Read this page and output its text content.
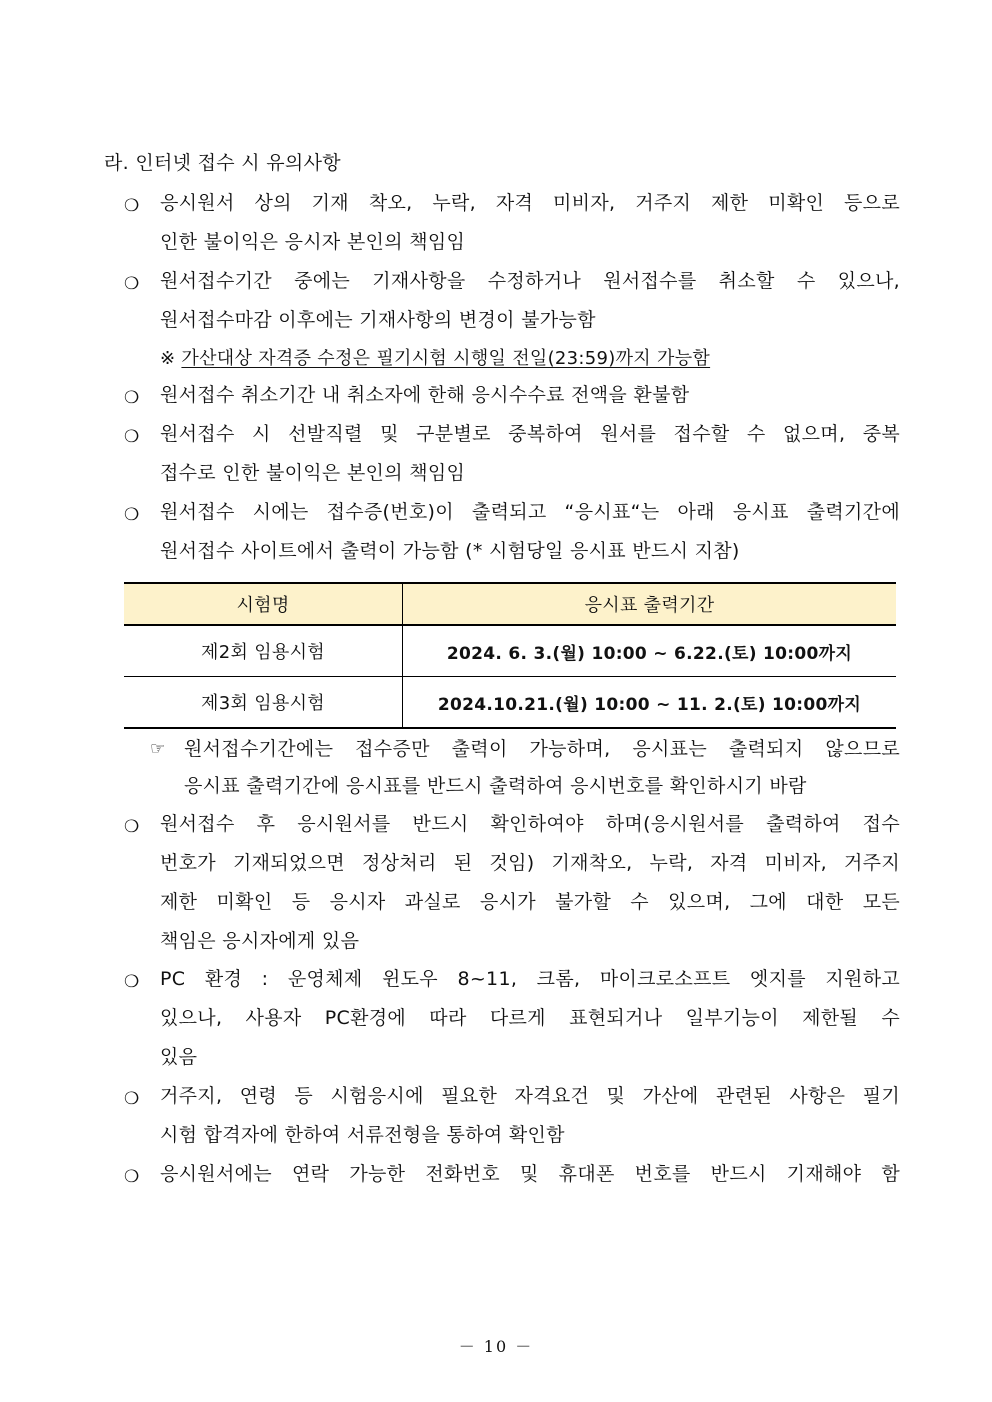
라. 인터넷 접수 시 유의사항
❍ 응시원서 상의 기재 착오, 누락, 자격 미비자, 거주지 제한 미확인 등으로
인한 불이익은 응시자 본인의 책임임
❍ 원서접수기간 중에는 기재사항을 수정하거나 원서접수를 취소할 수 있으나,
원서접수마감 이후에는 기재사항의 변경이 불가능함
※ 가산대상 자격증 수정은 필기시험 시행일 전일(23:59)까지 가능함
❍ 원서접수 취소기간 내 취소자에 한해 응시수수료 전액을 환불함
❍ 원서접수 시 선발직렬 및 구분별로 중복하여 원서를 접수할 수 없으며, 중복
접수로 인한 불이익은 본인의 책임임
❍ 원서접수 시에는 접수증(번호)이 출력되고 “응시표“는 아래 응시표 출력기간에
원서접수 사이트에서 출력이 가능함 (* 시험당일 응시표 반드시 지참)
시험명	응시표 출력기간
제2회 임용시험	2024. 6. 3.(월) 10:00 ~ 6.22.(토) 10:00까지
제3회 임용시험	2024.10.21.(월) 10:00 ~ 11. 2.(토) 10:00까지
☞ 원서접수기간에는 접수증만 출력이 가능하며, 응시표는 출력되지 않으므로
응시표 출력기간에 응시표를 반드시 출력하여 응시번호를 확인하시기 바람
❍ 원서접수 후 응시원서를 반드시 확인하여야 하며(응시원서를 출력하여 접수
번호가 기재되었으면 정상처리 된 것임) 기재착오, 누락, 자격 미비자, 거주지
제한 미확인 등 응시자 과실로 응시가 불가할 수 있으며, 그에 대한 모든
책임은 응시자에게 있음
❍ PC 환경 : 운영체제 윈도우 8~11, 크롬, 마이크로소프트 엣지를 지원하고
있으나, 사용자 PC환경에 따라 다르게 표현되거나 일부기능이 제한될 수
있음
❍ 거주지, 연령 등 시험응시에 필요한 자격요건 및 가산에 관련된 사항은 필기
시험 합격자에 한하여 서류전형을 통하여 확인함
❍ 응시원서에는 연락 가능한 전화번호 및 휴대폰 번호를 반드시 기재해야 함
－ 10 －
